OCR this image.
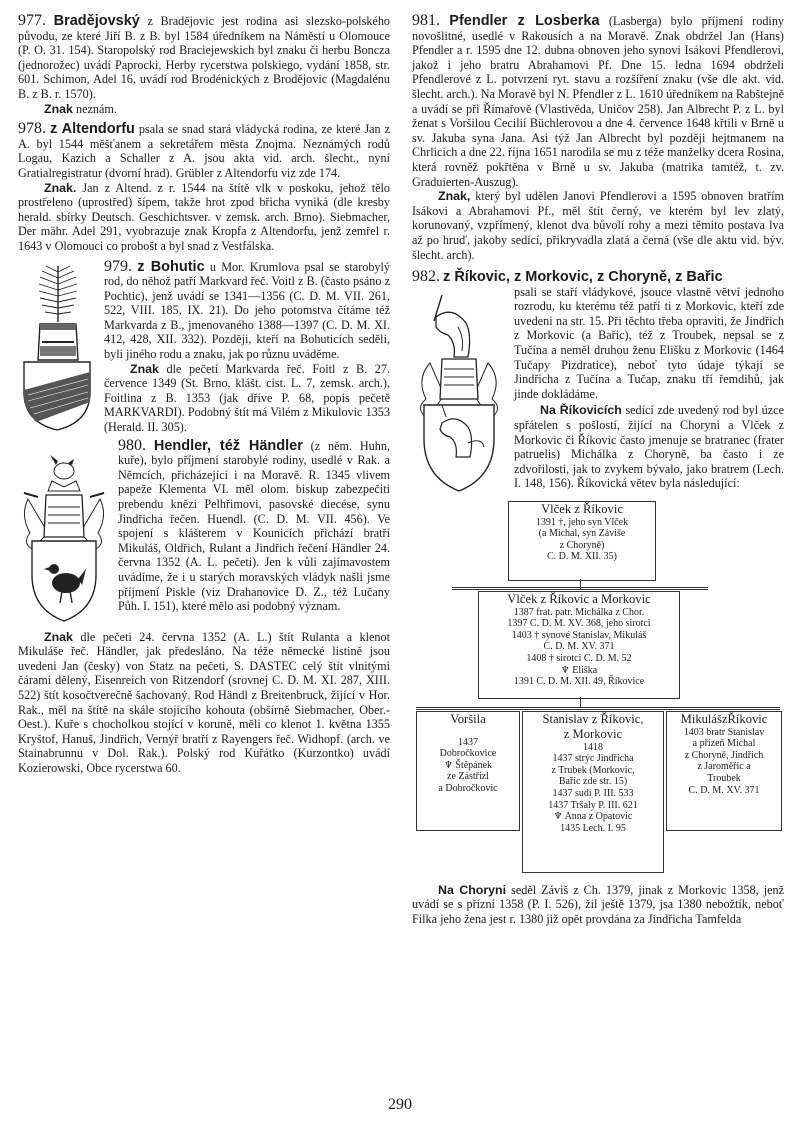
977. Bradějovský z Bradějovic jest rodina asi slezsko-polského původu, ze které Jiří B. z B. byl 1584 úředníkem na Náměstí u Olomouce (P. O. 31. 154). Staropolský rod Braciejewskich byl znaku či herbu Boncza (jednorožec) uvádí Paprocki, Herby rycerstwa polskiego, vydání 1858, str. 601. Schimon, Adel 16, uvádí rod Brodénických z Brodějovic (Magdalénu B. z B. r. 1570).

Znak neznám.

978. z Altendorfu psala se snad stará vládycká rodina, ze které Jan z A. byl 1544 měšťanem a sekretářem města Znojma. Neznámých rodů Logau, Kazich a Schaller z A. jsou akta vid. arch. šlecht., nyní Gratialregistratur (dvorní hrad). Grübler z Altendorfu viz zde 174.

Znak. Jan z Altend. z r. 1544 na štítě vlk v poskoku, jehož tělo prostřeleno (uprostřed) šípem, takže hrot zpod břicha vyniká (dle kresby herald. sbírky Deutsch. Geschichtsver. v zemsk. arch. Brno). Siebmacher, Der mähr. Adel 291, vyobrazuje znak Kropfa z Altendorfu, jenž zemřel r. 1643 v Olomouci co probošt a byl snad z Vestfálska.

979. z Bohutic u Mor. Krumlova psal se starobylý rod, do něhož patří Markvard řeč. Voitl z B. (často psáno z Pochtic), jenž uvádí se 1341—1356 (C. D. M. VII. 261, 522, VIII. 185, IX. 21). Do jeho potomstva čítáme též Markvarda z B., jmenovaného 1388—1397 (C. D. M. XI. 412, 428, XII. 332). Později, kteří na Bohuticích seděli, byli jiného rodu a znaku, jak po různu uváděme.

Znak dle pečetí Markvarda řeč. Foitl z B. 27. července 1349 (St. Brno, klášt. cist. L. 7, zemsk. arch.), Foitlina z B. 1353 (jak dříve P. 68, popis pečetě MARKVARDI). Podobný štít má Vilém z Mikulovic 1353 (Herald. II. 305).

980. Hendler, též Händler (z něm. Huhn, kuře), bylo příjmení starobylé rodiny, usedlé v Rak. a Němcích, přicházející i na Moravě. R. 1345 vlivem papeže Klementa VI. měl olom. biskup zabezpečiti prebendu knězi Pelhřimovi, pasovské diecése, synu Jindřicha řečen. Huendl. (C. D. M. VII. 456). Ve spojení s klášterem v Kounicích přichází bratří Mikuláš, Oldřich, Rulant a Jindřich řečení Händler 24. června 1352 (A. L. pečeti). Jen k vůli zajímavostem uvádíme, že i u starých moravských vládyk našli jsme příjmení Piskle (viz Drahanovice D. Z., též Lučany Půh. I. 151), které mělo asi podobný význam.

Znak dle pečeti 24. června 1352 (A. L.) štít Rulanta a klenot Mikuláše řeč. Händler, jak předesláno. Na téže německé listině jsou uvedeni Jan (česky) von Statz na pečeti, S. DASTEC celý štít vlnitými čárami dělený, Eisenreich von Ritzendorf (srovnej C. D. M. XI. 287, XIII. 522) štít kosočtverečně šachovaný. Rod Händl z Breitenbruck, žijící v Hor. Rak., měl na štítě na skále stojícího kohouta (obšírně Siebmacher, Ober.-Oest.). Kuře s chocholkou stojící v koruně, měli co klenot 1. května 1355 Kryštof, Hanuš, Jindřich, Vernýř bratří z Rayengers řeč. Widhopf. (arch. ve Stainabrunnu v Dol. Rak.). Polský rod Kuřátko (Kurzontko) uvádí Kozierowski, Obce rycerstwa 60.

981. Pfendler z Losberka (Lasberga) bylo příjmení rodiny novošlitné, usedlé v Rakousích a na Moravě. Znak obdržel Jan (Hans) Pfendler a r. 1595 dne 12. dubna obnoven jeho synovi Isákovi Pfendlerovi, jakož i jeho bratru Abrahamovi Pf. Dne 15. ledna 1694 obdrželi Pfendlerové z L. potvrzení ryt. stavu a rozšíření znaku (vše dle akt. vid. šlecht. arch.). Na Moravě byl N. Pfendler z L. 1610 úředníkem na Rabštejně a uvádí se při Římařově (Vlastivěda, Uničov 258). Jan Albrecht P. z L. byl ženat s Voršilou Cecilií Büchlerovou a dne 4. července 1648 křtili v Brně u sv. Jakuba syna Jana. Asi týž Jan Albrecht byl později hejtmanem na Chrlicích a dne 22. října 1651 narodila se mu z téže manželky dcera Rosina, která rovněž pokřtěna v Brně u sv. Jakuba (matrika tamtéž, t. zv. Graduierten-Auszug).

Znak, který byl udělen Janovi Pfendlerovi a 1595 obnoven bratřím Isákovi a Abrahamovi Pf., měl štít černý, ve kterém byl lev zlatý, korunovaný, vzpřímený, klenot dva bůvolí rohy a mezi těmito postava lva až po hruď, jakoby sedící, přikryvadla zlatá a černá (vše dle aktu vid. býv. šlecht. arch).

982. z Říkovic, z Morkovic, z Choryně, z Bařic

psali se staří vládykové, jsouce vlastně větví jednoho rozrodu, ku kterému též patří ti z Morkovic, kteří zde uvedeni na str. 15. Při těchto třeba opraviti, že Jindřich z Morkovic (a Bařic), též z Troubek, nepsal se z Tučína a neměl druhou ženu Elišku z Morkovic (1464 Tučapy Pizdratice), neboť tyto údaje týkají se Jindřicha z Tučína a Tučap, znaku tří řemdihů, jak jinde dokládáme.

Na Říkovicích sedící zde uvedený rod byl úzce spřátelen s pošlostí, žijící na Choryni a Vlček z Morkovic či Říkovic často jmenuje se bratranec (frater patruelis) Michálka z Choryně, ba často i ze zdvořilosti, jak to zvykem bývalo, jako bratrem (Lech. I. 148, 156). Říkovická větev byla následující:

Vlček z Říkovic
1391 †, jeho syn Vlček
(a Michal, syn Záviše
z Choryně)
C. D. M. XII. 35)
Vlček z Říkovic a Morkovic
1387 frat. patr. Michálka z Chor.
1397 C. D. M. XV. 368, jeho sirotci
1403 † synové Stanislav, Mikuláš
C. D. M. XV. 371
1408 † sirotci C. D. M. 52
♆ Eliška
1391 C. D. M. XII. 49, Říkovice
Voršila
1437
Dobročkovice
♆ Štěpánek
ze Zástřizl
a Dobročkovic
Stanislav z Říkovic,
z Morkovic
1418
1437 strýc Jindřicha
z Trubek (Morkovic,
Bařic zde str. 15)
1437 sudí P. III. 533
1437 Tršaly P. III. 621
♆ Anna z Opatovic
1435 Lech. I. 95
MikulášzŘíkovic
1403 bratr Stanislav
a přízeň Michal
z Choryně, Jindřich
z Jaroměřic a
Troubek
C. D. M. XV. 371

Na Choryni seděl Záviš z Ch. 1379, jinak z Morkovic 1358, jenž uvádí se s přízní 1358 (P. I. 526), žil ještě 1379, jsa 1380 nebožtík, neboť Filka jeho žena jest r. 1380 již opět provdána za Jindřicha Tamfelda

290
